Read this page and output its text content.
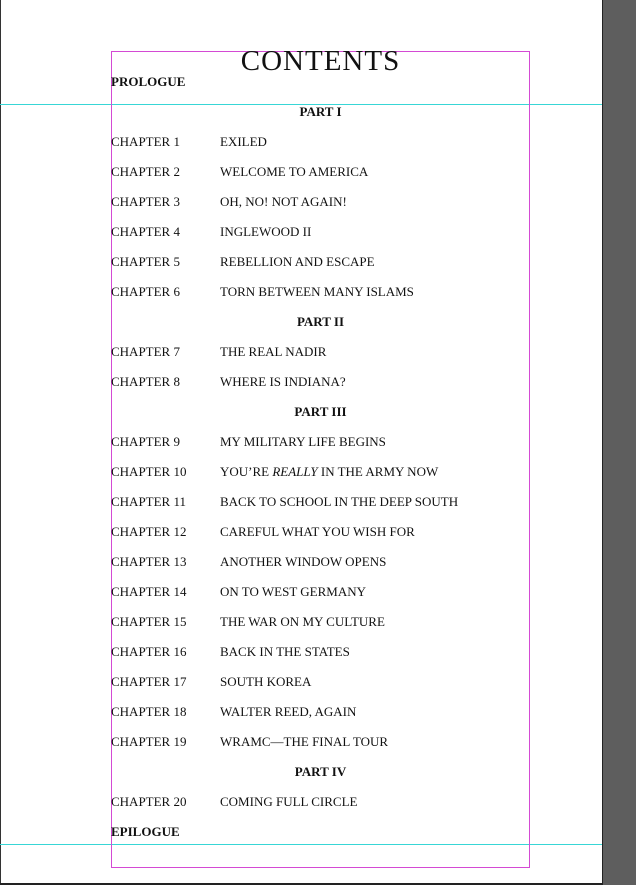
CONTENTS
PROLOGUE
PART I
CHAPTER 1	EXILED
CHAPTER 2	WELCOME TO AMERICA
CHAPTER 3	OH, NO! NOT AGAIN!
CHAPTER 4	INGLEWOOD II
CHAPTER 5	REBELLION AND ESCAPE
CHAPTER 6	TORN BETWEEN MANY ISLAMS
PART II
CHAPTER 7	THE REAL NADIR
CHAPTER 8	WHERE IS INDIANA?
PART III
CHAPTER 9	MY MILITARY LIFE BEGINS
CHAPTER 10	YOU’RE REALLY IN THE ARMY NOW
CHAPTER 11	BACK TO SCHOOL IN THE DEEP SOUTH
CHAPTER 12	CAREFUL WHAT YOU WISH FOR
CHAPTER 13	ANOTHER WINDOW OPENS
CHAPTER 14	ON TO WEST GERMANY
CHAPTER 15	THE WAR ON MY CULTURE
CHAPTER 16	BACK IN THE STATES
CHAPTER 17	SOUTH KOREA
CHAPTER 18	WALTER REED, AGAIN
CHAPTER 19	WRAMC—THE FINAL TOUR
PART IV
CHAPTER 20	COMING FULL CIRCLE
EPILOGUE
